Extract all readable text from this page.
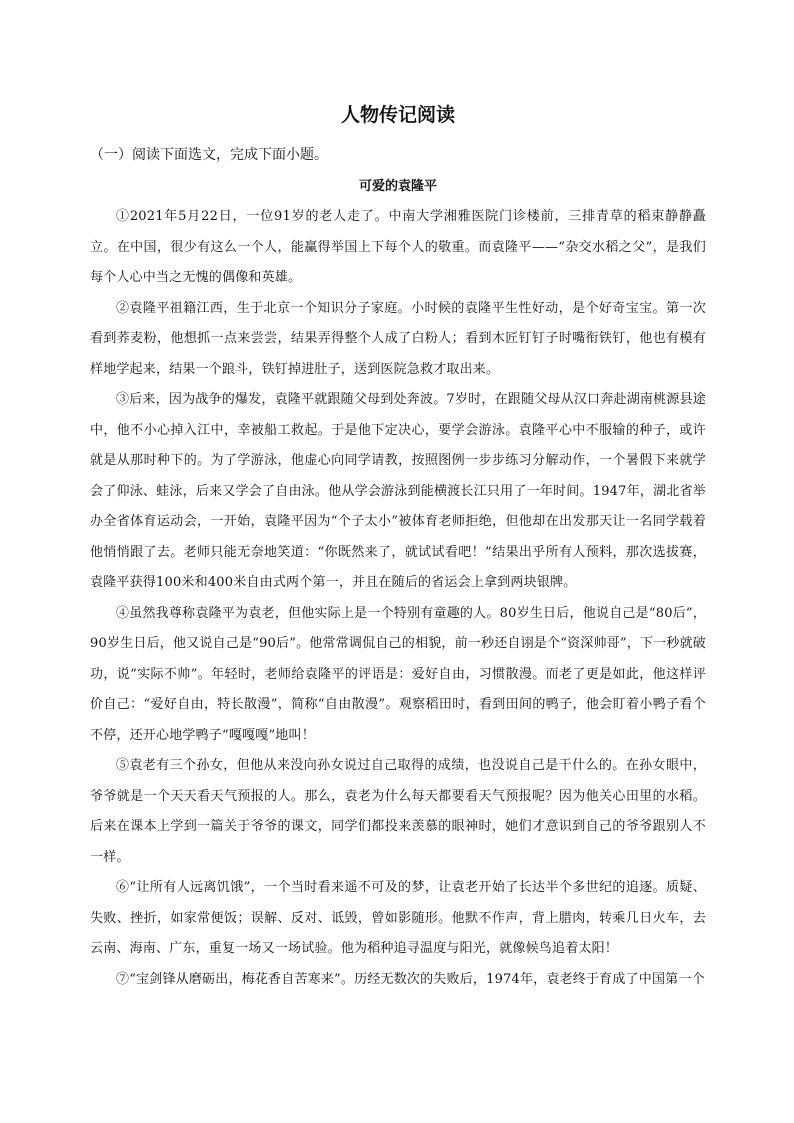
人物传记阅读

（一）阅读下面选文，完成下面小题。

可爱的袁隆平

①2021年5月22日，一位91岁的老人走了。中南大学湘雅医院门诊楼前，三排青草的稻束静静矗立。在中国，很少有这么一个人，能赢得举国上下每个人的敬重。而袁隆平——“杂交水稻之父”，是我们每个人心中当之无愧的偶像和英雄。

②袁隆平祖籍江西，生于北京一个知识分子家庭。小时候的袁隆平生性好动，是个好奇宝宝。第一次看到荞麦粉，他想抓一点来尝尝，结果弄得整个人成了白粉人；看到木匠钉钉子时嘴衔铁钉，他也有模有样地学起来，结果一个踉斗，铁钉掉进肚子，送到医院急救才取出来。

③后来，因为战争的爆发，袁隆平就跟随父母到处奔波。7岁时，在跟随父母从汉口奔赴湖南桃源县途中，他不小心掉入江中，幸被船工救起。于是他下定决心，要学会游泳。袁隆平心中不服输的种子，或许就是从那时种下的。为了学游泳，他虚心向同学请教，按照图例一步步练习分解动作，一个暑假下来就学会了仰泳、蛙泳，后来又学会了自由泳。他从学会游泳到能横渡长江只用了一年时间。1947年，湖北省举办全省体育运动会，一开始，袁隆平因为“个子太小”被体育老师拒绝，但他却在出发那天让一名同学载着他悄悄跟了去。老师只能无奈地笑道：“你既然来了，就试试看吧！”结果出乎所有人预料，那次选拔赛，袁隆平获得100米和400米自由式两个第一，并且在随后的省运会上拿到两块银牌。

④虽然我尊称袁隆平为袁老，但他实际上是一个特别有童趣的人。80岁生日后，他说自己是“80后”，90岁生日后，他又说自己是“90后”。他常常调侃自己的相貌，前一秒还自诩是个“资深帅哥”，下一秒就破功，说“实际不帅”。年轻时，老师给袁隆平的评语是：爱好自由，习惯散漫。而老了更是如此，他这样评价自己：“爱好自由，特长散漫”，简称“自由散漫”。观察稻田时，看到田间的鸭子，他会盯着小鸭子看个不停，还开心地学鸭子“嘎嘎嘎”地叫！

⑤袁老有三个孙女，但他从来没向孙女说过自己取得的成绩，也没说自己是干什么的。在孙女眼中，爷爷就是一个天天看天气预报的人。那么，袁老为什么每天都要看天气预报呢？因为他关心田里的水稻。后来在课本上学到一篇关于爷爷的课文，同学们都投来羡慕的眼神时，她们才意识到自己的爷爷跟别人不一样。

⑥“让所有人远离饥饿”，一个当时看来遥不可及的梦，让袁老开始了长达半个多世纪的追逐。质疑、失败、挫折，如家常便饭；误解、反对、诋毁，曾如影随形。他默不作声，背上腊肉，转乘几日火车，去云南、海南、广东，重复一场又一场试验。他为稻种追寻温度与阳光，就像候鸟追着太阳！

⑦“宝剑锋从磨砺出，梅花香自苦寒来”。历经无数次的失败后，1974年，袁老终于育成了中国第一个
